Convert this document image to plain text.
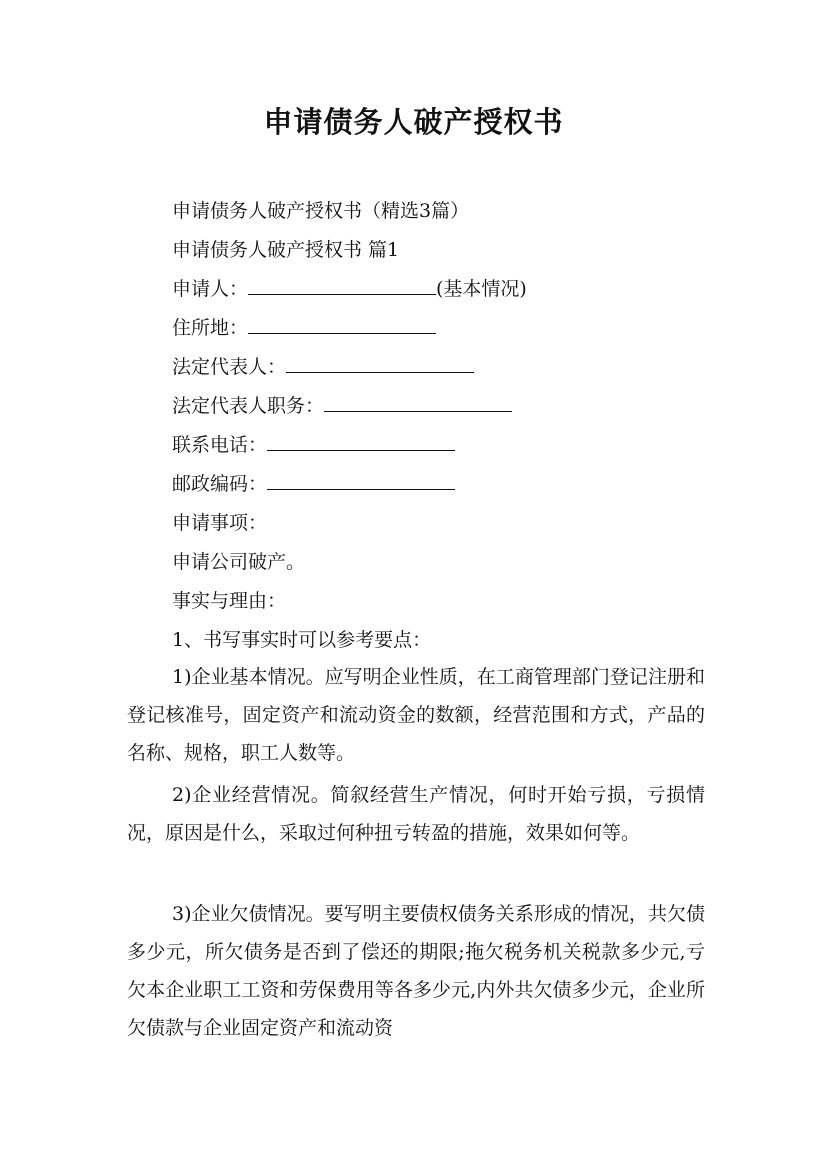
申请债务人破产授权书

申请债务人破产授权书（精选3篇）

申请债务人破产授权书 篇1

申请人：	(基本情况)

住所地：

法定代表人：

法定代表人职务：

联系电话：

邮政编码：

申请事项：

申请公司破产。

事实与理由：

1、书写事实时可以参考要点：

1)企业基本情况。应写明企业性质，在工商管理部门登记注册和登记核准号，固定资产和流动资金的数额，经营范围和方式，产品的名称、规格，职工人数等。

2)企业经营情况。简叙经营生产情况，何时开始亏损，亏损情况，原因是什么，采取过何种扭亏转盈的措施，效果如何等。

3)企业欠债情况。要写明主要债权债务关系形成的情况，共欠债多少元，所欠债务是否到了偿还的期限;拖欠税务机关税款多少元,亏欠本企业职工工资和劳保费用等各多少元,内外共欠债多少元，企业所欠债款与企业固定资产和流动资
